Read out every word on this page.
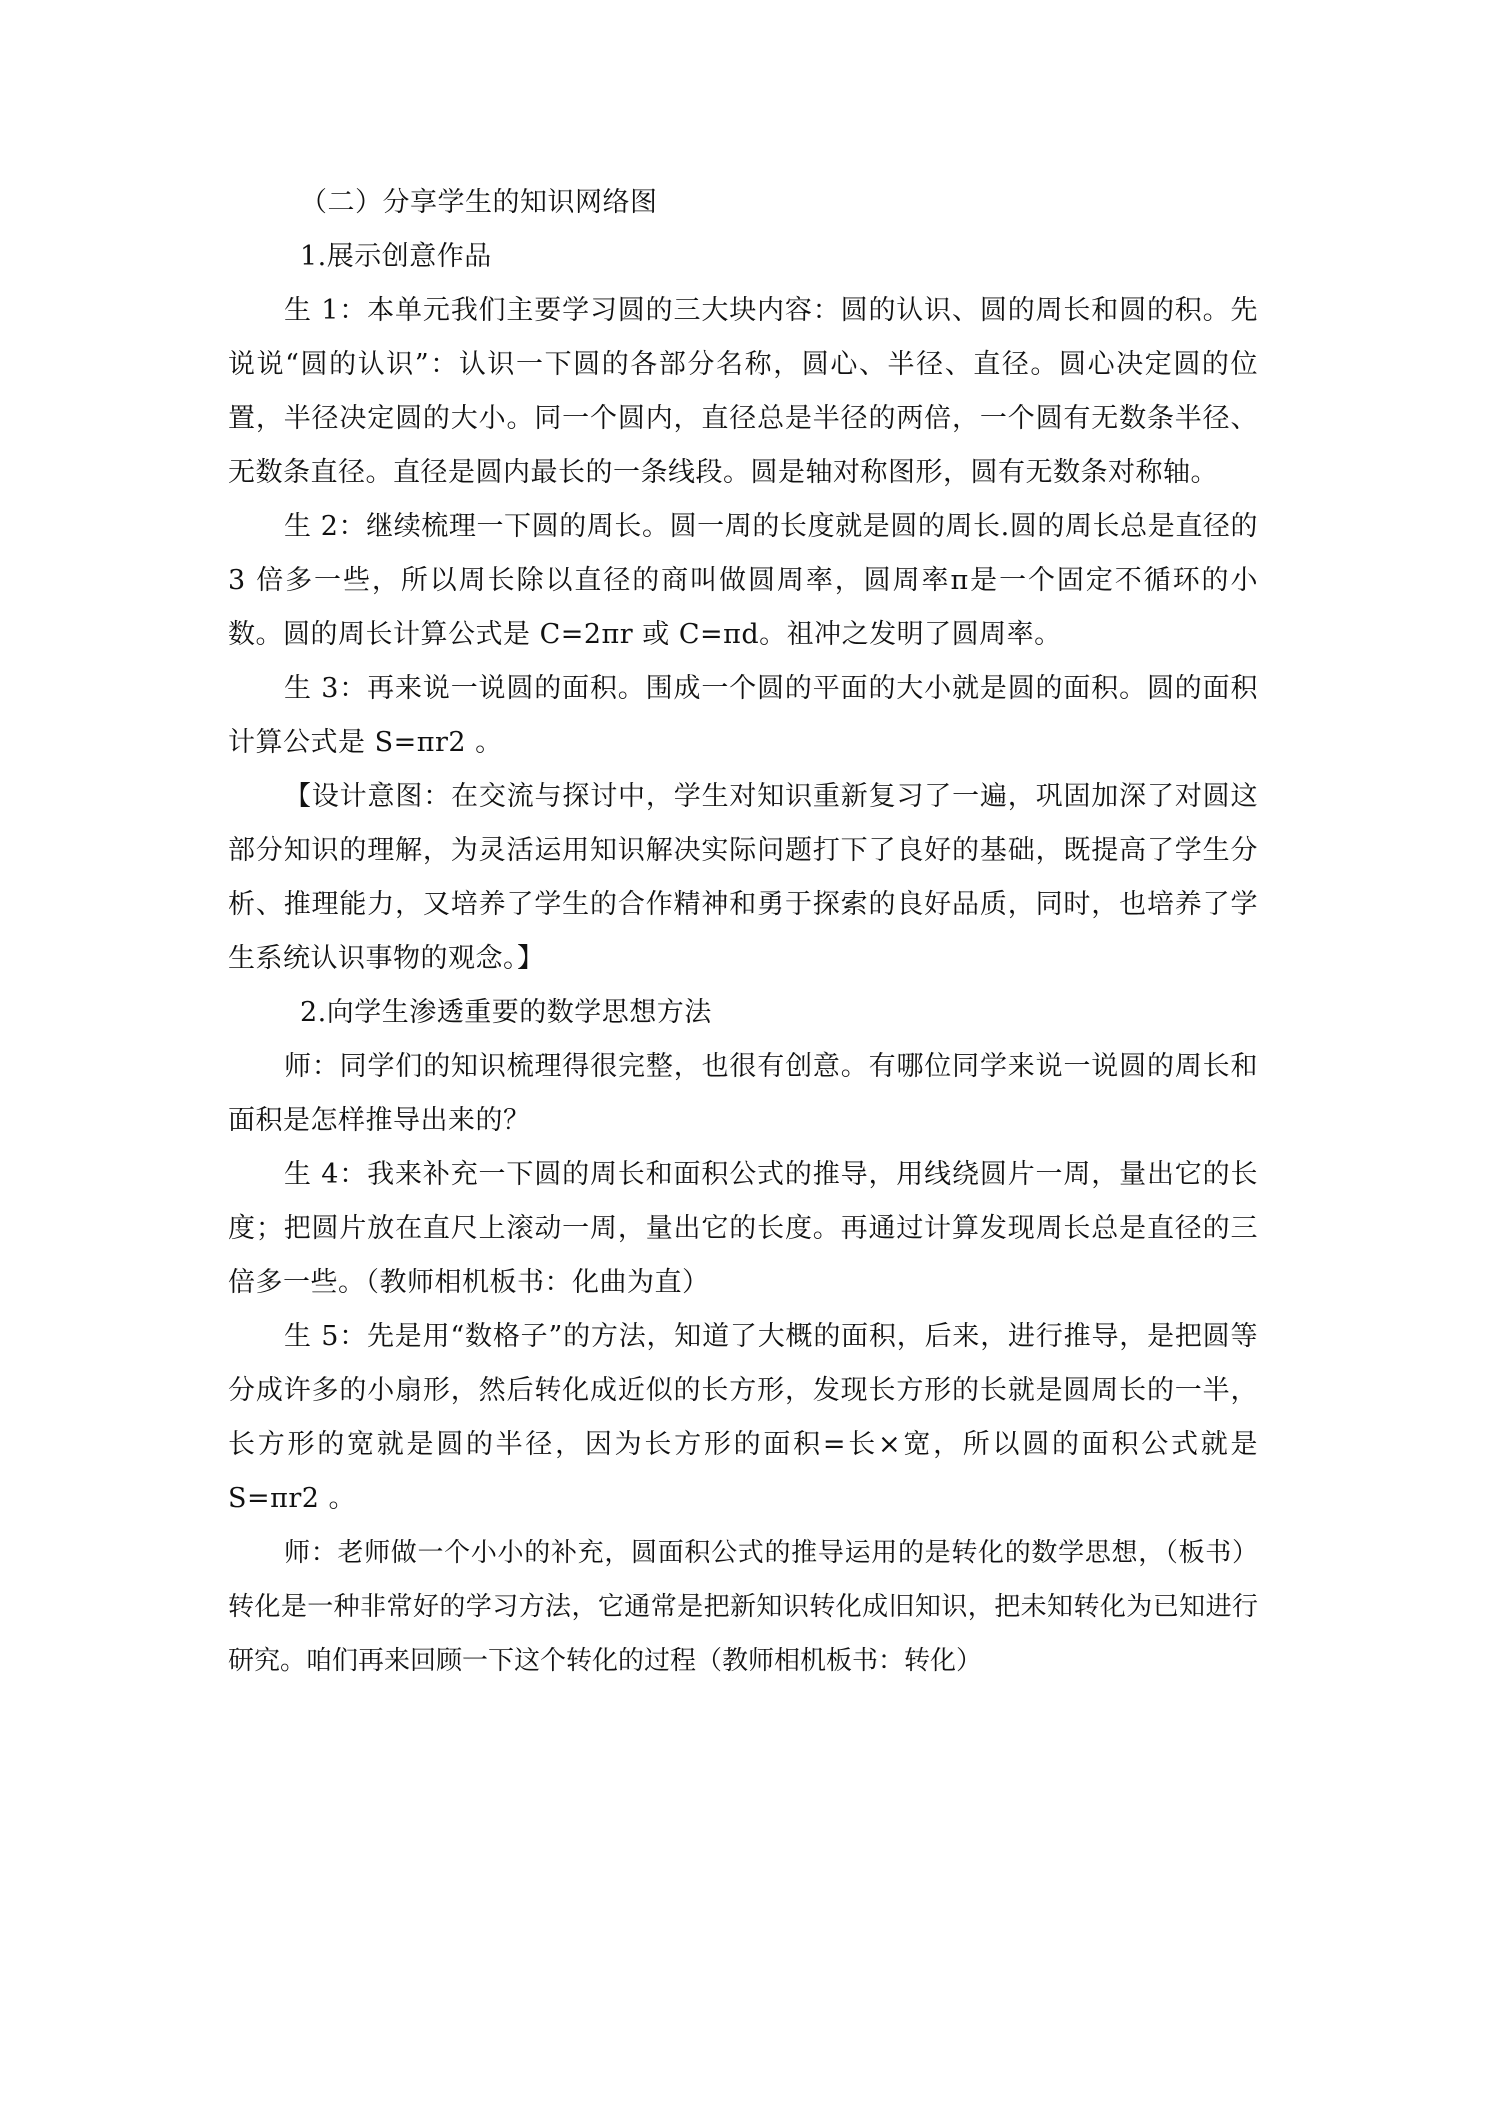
（二）分享学生的知识网络图

1.展示创意作品

生 1：本单元我们主要学习圆的三大块内容：圆的认识、圆的周长和圆的积。先说说“圆的认识”：认识一下圆的各部分名称，圆心、半径、直径。圆心决定圆的位置，半径决定圆的大小。同一个圆内，直径总是半径的两倍，一个圆有无数条半径、无数条直径。直径是圆内最长的一条线段。圆是轴对称图形，圆有无数条对称轴。

生 2：继续梳理一下圆的周长。圆一周的长度就是圆的周长.圆的周长总是直径的 3 倍多一些，所以周长除以直径的商叫做圆周率，圆周率π是一个固定不循环的小数。圆的周长计算公式是 C=2πr 或 C=πd。祖冲之发明了圆周率。

生 3：再来说一说圆的面积。围成一个圆的平面的大小就是圆的面积。圆的面积计算公式是 S=πr2 。

【设计意图：在交流与探讨中，学生对知识重新复习了一遍，巩固加深了对圆这部分知识的理解，为灵活运用知识解决实际问题打下了良好的基础，既提高了学生分析、推理能力，又培养了学生的合作精神和勇于探索的良好品质，同时，也培养了学生系统认识事物的观念。】

2.向学生渗透重要的数学思想方法

师：同学们的知识梳理得很完整，也很有创意。有哪位同学来说一说圆的周长和面积是怎样推导出来的？

生 4：我来补充一下圆的周长和面积公式的推导，用线绕圆片一周，量出它的长度；把圆片放在直尺上滚动一周，量出它的长度。再通过计算发现周长总是直径的三倍多一些。（教师相机板书：化曲为直）

生 5：先是用“数格子”的方法，知道了大概的面积，后来，进行推导，是把圆等分成许多的小扇形，然后转化成近似的长方形，发现长方形的长就是圆周长的一半，长方形的宽就是圆的半径，因为长方形的面积=长×宽，所以圆的面积公式就是 S=πr2 。

师：老师做一个小小的补充，圆面积公式的推导运用的是转化的数学思想，（板书）转化是一种非常好的学习方法，它通常是把新知识转化成旧知识，把未知转化为已知进行研究。咱们再来回顾一下这个转化的过程（教师相机板书：转化）
